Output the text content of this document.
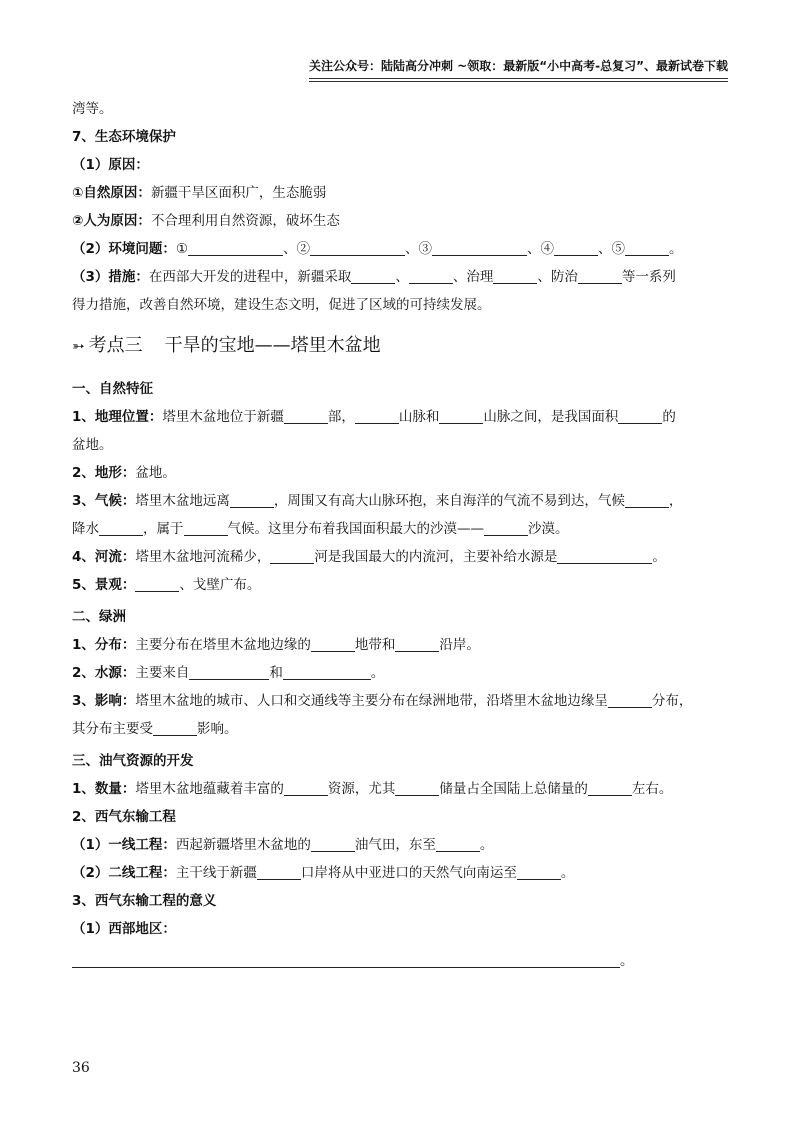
关注公众号：陆陆高分冲刺 ~领取：最新版“小中高考-总复习”、最新试卷下载

湾等。

7、生态环境保护

（1）原因：

①自然原因：新疆干旱区面积广，生态脆弱

②人为原因：不合理利用自然资源，破坏生态

（2）环境问题：①	、②	、③	、④	、⑤	。

（3）措施：在西部大开发的进程中，新疆采取	、	、治理	、防治	等一系列

得力措施，改善自然环境，建设生态文明，促进了区域的可持续发展。

➳ 考点三 干旱的宝地——塔里木盆地

一、自然特征

1、地理位置：塔里木盆地位于新疆	部，	山脉和	山脉之间，是我国面积	的

盆地。

2、地形：盆地。

3、气候：塔里木盆地远离	，周围又有高大山脉环抱，来自海洋的气流不易到达，气候	，

降水	，属于	气候。这里分布着我国面积最大的沙漠——	沙漠。

4、河流：塔里木盆地河流稀少，	河是我国最大的内流河，主要补给水源是	。

5、景观：	、戈壁广布。

二、绿洲

1、分布：主要分布在塔里木盆地边缘的	地带和	沿岸。

2、水源：主要来自	和	。

3、影响：塔里木盆地的城市、人口和交通线等主要分布在绿洲地带，沿塔里木盆地边缘呈	分布，

其分布主要受	影响。

三、油气资源的开发

1、数量：塔里木盆地蕴藏着丰富的	资源，尤其	储量占全国陆上总储量的	左右。

2、西气东输工程

（1）一线工程：西起新疆塔里木盆地的	油气田，东至	。

（2）二线工程：主干线于新疆	口岸将从中亚进口的天然气向南运至	。

3、西气东输工程的意义

（1）西部地区：

。

36
